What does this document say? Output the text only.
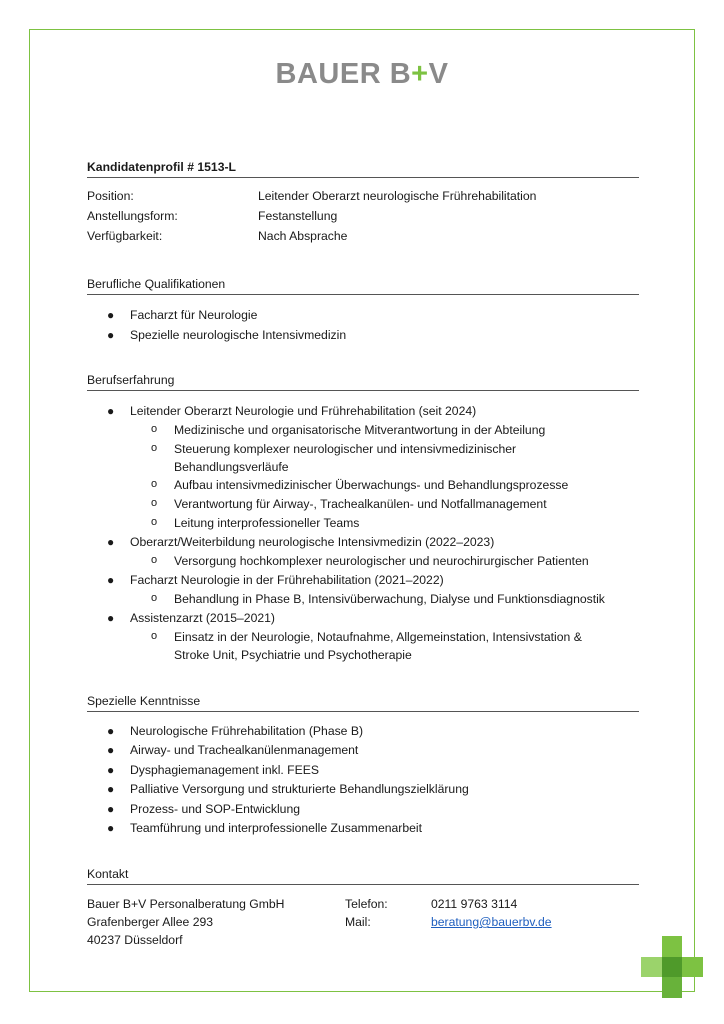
BAUER B+V
Kandidatenprofil # 1513-L
Position:	Leitender Oberarzt neurologische Frührehabilitation
Anstellungsform:	Festanstellung
Verfügbarkeit:	Nach Absprache
Berufliche Qualifikationen
● Facharzt für Neurologie
● Spezielle neurologische Intensivmedizin
Berufserfahrung
● Leitender Oberarzt Neurologie und Frührehabilitation (seit 2024)
o Medizinische und organisatorische Mitverantwortung in der Abteilung
o Steuerung komplexer neurologischer und intensivmedizinischer
Behandlungsverläufe
o Aufbau intensivmedizinischer Überwachungs- und Behandlungsprozesse
o Verantwortung für Airway-, Trachealkanülen- und Notfallmanagement
o Leitung interprofessioneller Teams
● Oberarzt/Weiterbildung neurologische Intensivmedizin (2022–2023)
o Versorgung hochkomplexer neurologischer und neurochirurgischer Patienten
● Facharzt Neurologie in der Frührehabilitation (2021–2022)
o Behandlung in Phase B, Intensivüberwachung, Dialyse und Funktionsdiagnostik
● Assistenzarzt (2015–2021)
o Einsatz in der Neurologie, Notaufnahme, Allgemeinstation, Intensivstation &
Stroke Unit, Psychiatrie und Psychotherapie
Spezielle Kenntnisse
● Neurologische Frührehabilitation (Phase B)
● Airway- und Trachealkanülenmanagement
● Dysphagiemanagement inkl. FEES
● Palliative Versorgung und strukturierte Behandlungszielklärung
● Prozess- und SOP-Entwicklung
● Teamführung und interprofessionelle Zusammenarbeit
Kontakt
Bauer B+V Personalberatung GmbH
Grafenberger Allee 293
40237 Düsseldorf
Telefon:	0211 9763 3114
Mail:	beratung@bauerbv.de
